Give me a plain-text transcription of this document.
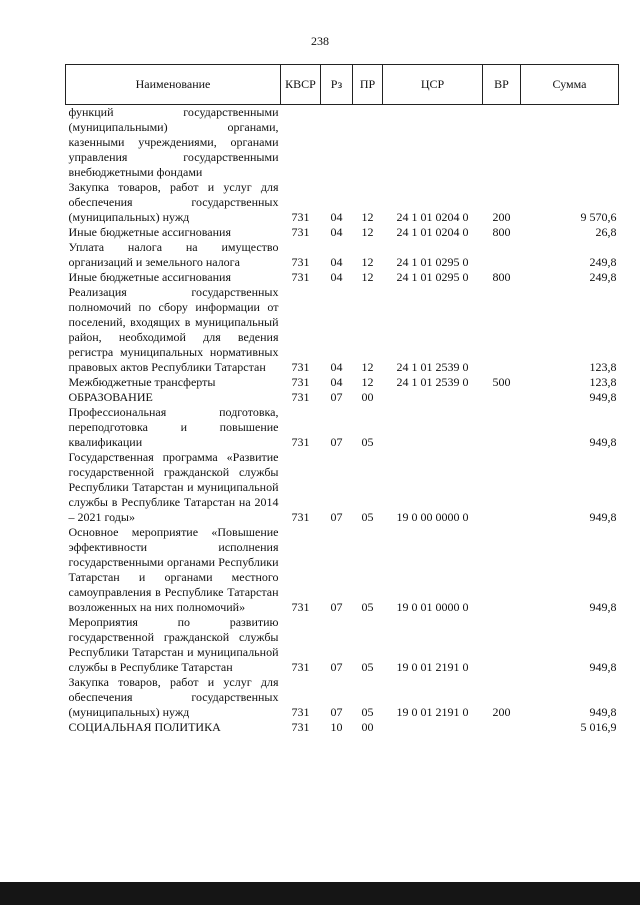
238
Наименование	КВСР	Рз	ПР	ЦСР	ВР	Сумма
функций государственными (муниципальными) органами, казенными учреждениями, органами управления государственными внебюджетными фондами						
Закупка товаров, работ и услуг для обеспечения государственных (муниципальных) нужд	731	04	12	24 1 01 0204 0	200	9 570,6
Иные бюджетные ассигнования	731	04	12	24 1 01 0204 0	800	26,8
Уплата налога на имущество организаций и земельного налога	731	04	12	24 1 01 0295 0		249,8
Иные бюджетные ассигнования	731	04	12	24 1 01 0295 0	800	249,8
Реализация государственных полномочий по сбору информации от поселений, входящих в муниципальный район, необходимой для ведения регистра муниципальных нормативных правовых актов Республики Татарстан	731	04	12	24 1 01 2539 0		123,8
Межбюджетные трансферты	731	04	12	24 1 01 2539 0	500	123,8
ОБРАЗОВАНИЕ	731	07	00			949,8
Профессиональная подготовка, переподготовка и повышение квалификации	731	07	05			949,8
Государственная программа «Развитие государственной гражданской службы Республики Татарстан и муниципальной службы в Республике Татарстан на 2014 – 2021 годы»	731	07	05	19 0 00 0000 0		949,8
Основное мероприятие «Повышение эффективности исполнения государственными органами Республики Татарстан и органами местного самоуправления в Республике Татарстан возложенных на них полномочий»	731	07	05	19 0 01 0000 0		949,8
Мероприятия по развитию государственной гражданской службы Республики Татарстан и муниципальной службы в Республике Татарстан	731	07	05	19 0 01 2191 0		949,8
Закупка товаров, работ и услуг для обеспечения государственных (муниципальных) нужд	731	07	05	19 0 01 2191 0	200	949,8
СОЦИАЛЬНАЯ ПОЛИТИКА	731	10	00			5 016,9
